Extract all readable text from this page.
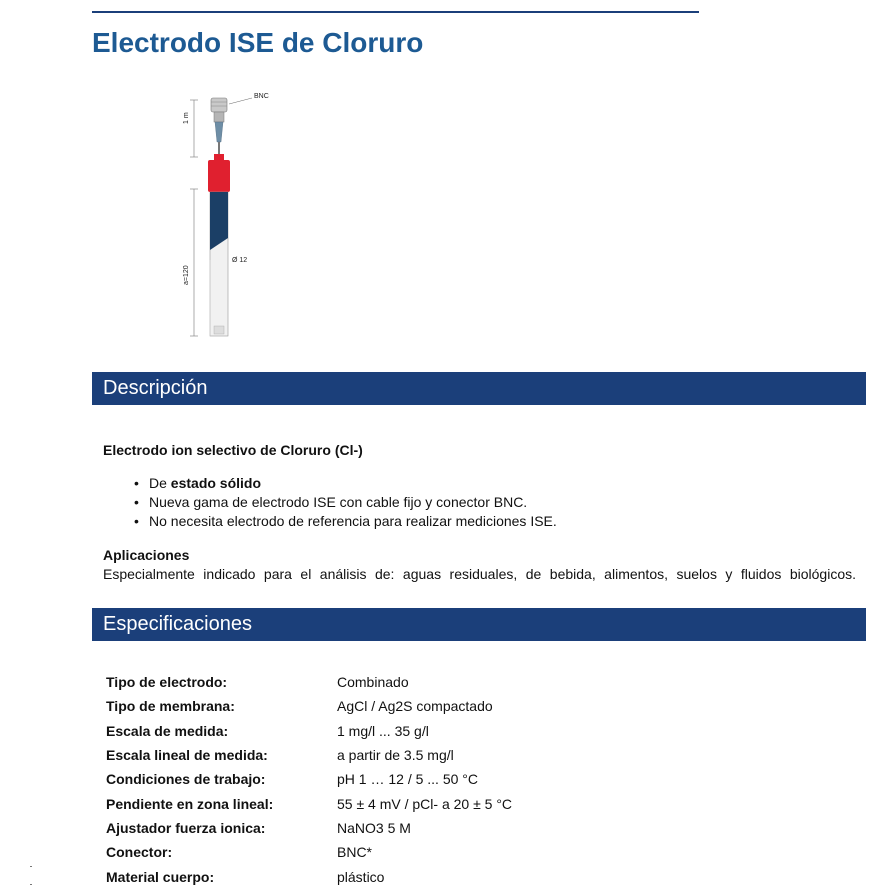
Electrodo ISE de Cloruro
BNC
Ø 12
1 m
a=120
Descripción
Electrodo ion selectivo de Cloruro (Cl-)
• De estado sólido
• Nueva gama de electrodo ISE con cable fijo y conector BNC.
• No necesita electrodo de referencia para realizar mediciones ISE.
Aplicaciones
Especialmente indicado para el análisis de: aguas residuales, de bebida, alimentos, suelos y fluidos biológicos.
Especificaciones
Tipo de electrodo:	Combinado
Tipo de membrana:	AgCl / Ag2S compactado
Escala de medida:	1 mg/l ... 35 g/l
Escala lineal de medida:	a partir de 3.5 mg/l
Condiciones de trabajo:	pH 1 … 12 / 5 ... 50 °C
Pendiente en zona lineal:	55 ± 4 mV / pCl- a 20 ± 5 °C
Ajustador fuerza ionica:	NaNO3 5 M
Conector:	BNC*
Material cuerpo:	plástico
